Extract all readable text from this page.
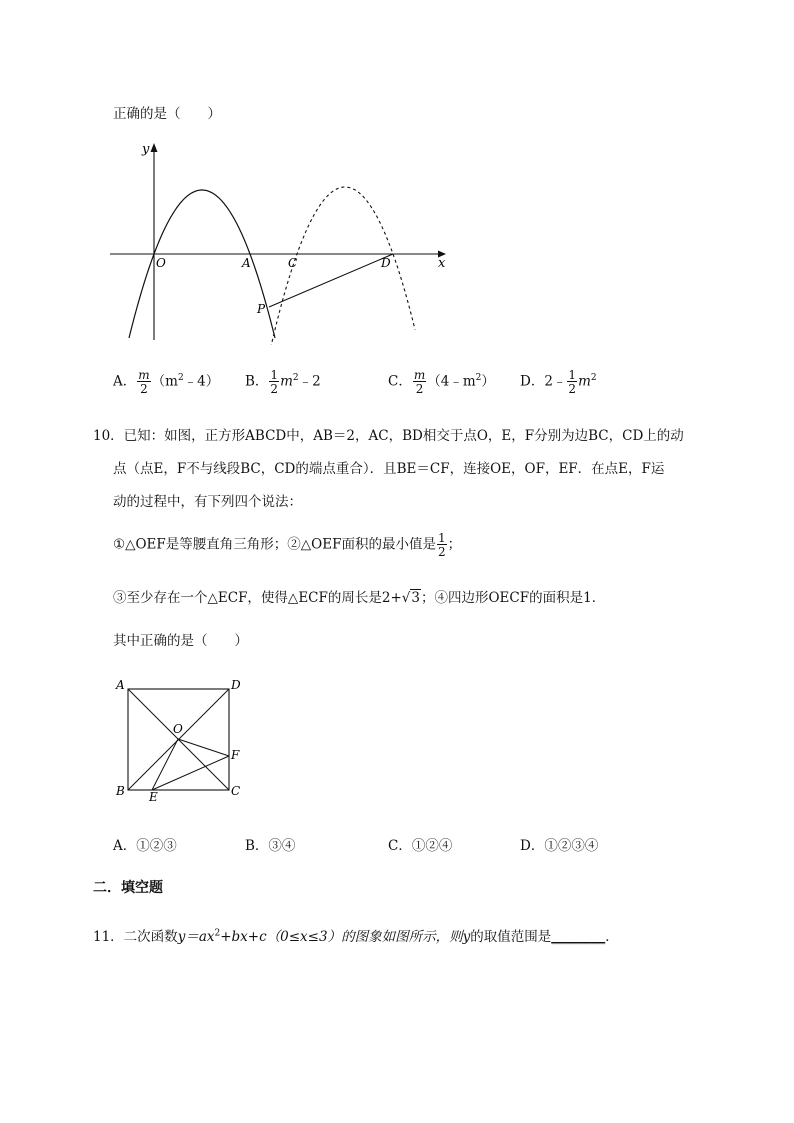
正确的是（　　）
y
x
O	A	C	D
P
A． $\frac{m}{2}$ $(m^2﹣4)$ B． $\frac{1}{2}$ $m^2﹣2$	C． $\frac{m}{2}$ $(4﹣m^2)$ D．2﹣ $\frac{1}{2} m^2$
10．已知：如图，正方形ABCD中，AB＝2，AC，BD相交于点O，E，F分别为边BC，CD上的动
点（点E，F不与线段BC，CD的端点重合）．且BE＝CF，连接OE，OF，EF．在点E，F运
动的过程中，有下列四个说法：
①△OEF是等腰直角三角形；②△OEF面积的最小值是 $\frac{1}{2}$ ；
③至少存在一个△ECF，使得△ECF的周长是2+√3；④四边形OECF的面积是1．
其中正确的是（　　）
A	D
O
F
B E	C
A．①②③	B．③④	C．①②④	D．①②③④
二．填空题
11．二次函数$y=ax^2+bx+c(0\le x\le 3)$的图象如图所示，则y的取值范围是________．
